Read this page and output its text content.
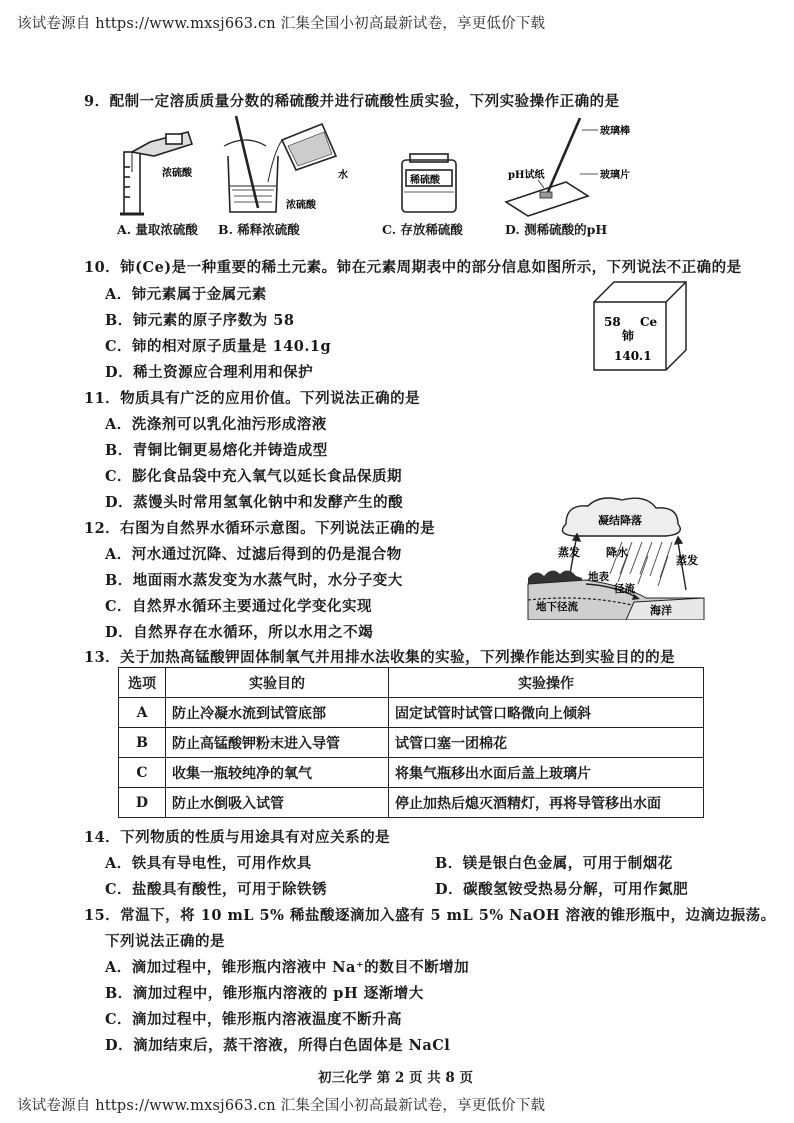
该试卷源自 https://www.mxsj663.cn 汇集全国小初高最新试卷，享更低价下载
9．配制一定溶质质量分数的稀硫酸并进行硫酸性质实验，下列实验操作正确的是
浓硫酸	水
浓硫酸
稀硫酸
玻璃棒
pH试纸	玻璃片
A. 量取浓硫酸 B. 稀释浓硫酸	C. 存放稀硫酸	D. 测稀硫酸的pH
10．铈(Ce)是一种重要的稀土元素。铈在元素周期表中的部分信息如图所示，下列说法不正确的是
A．铈元素属于金属元素
B．铈元素的原子序数为 58
C．铈的相对原子质量是 140.1g
D．稀土资源应合理利用和保护
58 Ce
铈
140.1
11．物质具有广泛的应用价值。下列说法正确的是
A．洗涤剂可以乳化油污形成溶液
B．青铜比铜更易熔化并铸造成型
C．膨化食品袋中充入氧气以延长食品保质期
D．蒸馒头时常用氢氧化钠中和发酵产生的酸
12．右图为自然界水循环示意图。下列说法正确的是
A．河水通过沉降、过滤后得到的仍是混合物
B．地面雨水蒸发变为水蒸气时，水分子变大
C．自然界水循环主要通过化学变化实现
D．自然界存在水循环，所以水用之不竭
凝结降落
蒸发 降水
蒸发
地表
径流
地下径流	海洋
13．关于加热高锰酸钾固体制氧气并用排水法收集的实验，下列操作能达到实验目的的是
选项	实验目的	实验操作
A	防止冷凝水流到试管底部	固定试管时试管口略微向上倾斜
B	防止高锰酸钾粉末进入导管	试管口塞一团棉花
C	收集一瓶较纯净的氧气	将集气瓶移出水面后盖上玻璃片
D	防止水倒吸入试管	停止加热后熄灭酒精灯，再将导管移出水面
14．下列物质的性质与用途具有对应关系的是
A．铁具有导电性，可用作炊具	B．镁是银白色金属，可用于制烟花
C．盐酸具有酸性，可用于除铁锈	D．碳酸氢铵受热易分解，可用作氮肥
15．常温下，将 10 mL 5% 稀盐酸逐滴加入盛有 5 mL 5% NaOH 溶液的锥形瓶中，边滴边振荡。
下列说法正确的是
A．滴加过程中，锥形瓶内溶液中 Na⁺的数目不断增加
B．滴加过程中，锥形瓶内溶液的 pH 逐渐增大
C．滴加过程中，锥形瓶内溶液温度不断升高
D．滴加结束后，蒸干溶液，所得白色固体是 NaCl
初三化学 第 2 页 共 8 页
该试卷源自 https://www.mxsj663.cn 汇集全国小初高最新试卷，享更低价下载
